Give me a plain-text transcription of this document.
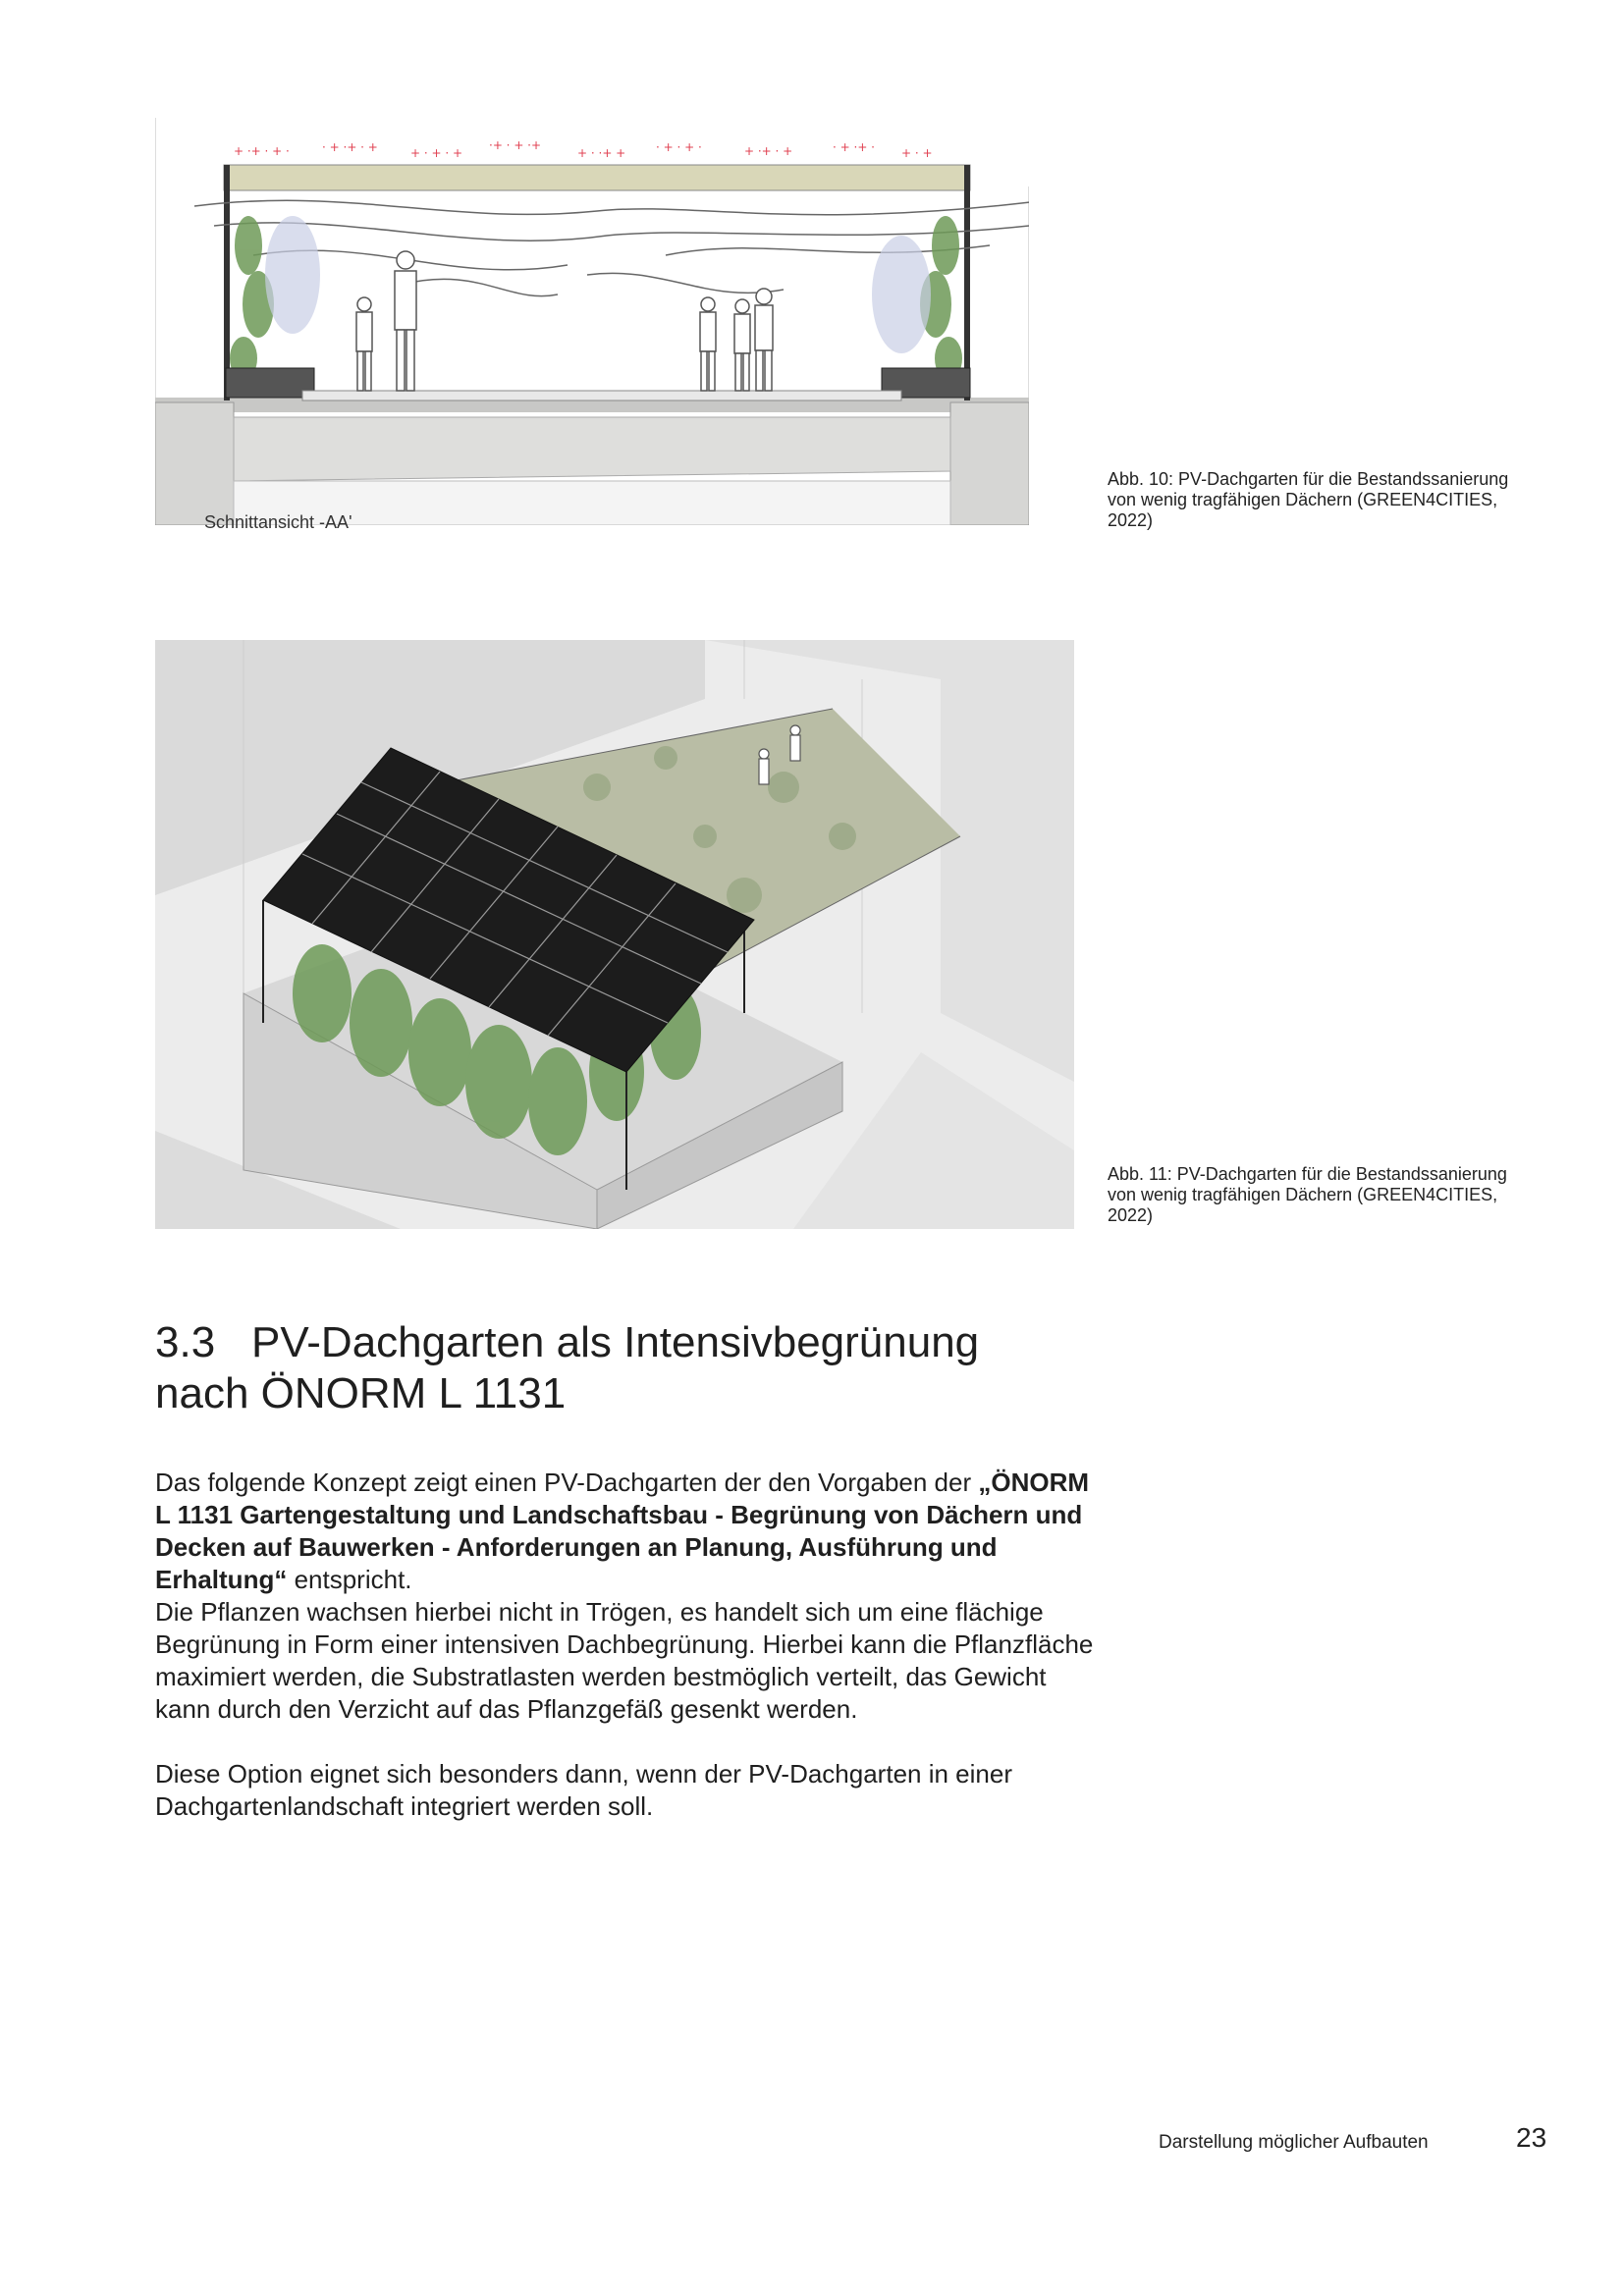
+ ·+ · + ·	· + ·+ · +	+ · + · +
·+ · + ·+
+ · ·+ +	· + · + ·	+ ·+ · +	· + ·+ · + · +
Schnittansicht -AA'
Abb. 10: PV-Dachgarten für die Bestandssanierung
von wenig tragfähigen Dächern (GREEN4CITIES,
2022)
Abb. 11: PV-Dachgarten für die Bestandssanierung
von wenig tragfähigen Dächern (GREEN4CITIES,
2022)
3.3 PV-Dachgarten als Intensivbegrünung
nach ÖNORM L 1131

Das folgende Konzept zeigt einen PV-Dachgarten der den Vorgaben der „ÖNORM L 1131 Gartengestaltung und Landschaftsbau - Begrünung von Dächern und Decken auf Bauwerken - Anforderungen an Planung, Ausführung und Erhaltung“ entspricht.

Die Pflanzen wachsen hierbei nicht in Trögen, es handelt sich um eine flächige Begrünung in Form einer intensiven Dachbegrünung. Hierbei kann die Pflanzfläche maximiert werden, die Substratlasten werden bestmöglich verteilt, das Gewicht kann durch den Verzicht auf das Pflanzgefäß gesenkt werden.

Diese Option eignet sich besonders dann, wenn der PV-Dachgarten in einer Dachgartenlandschaft integriert werden soll.

Darstellung möglicher Aufbauten	23
